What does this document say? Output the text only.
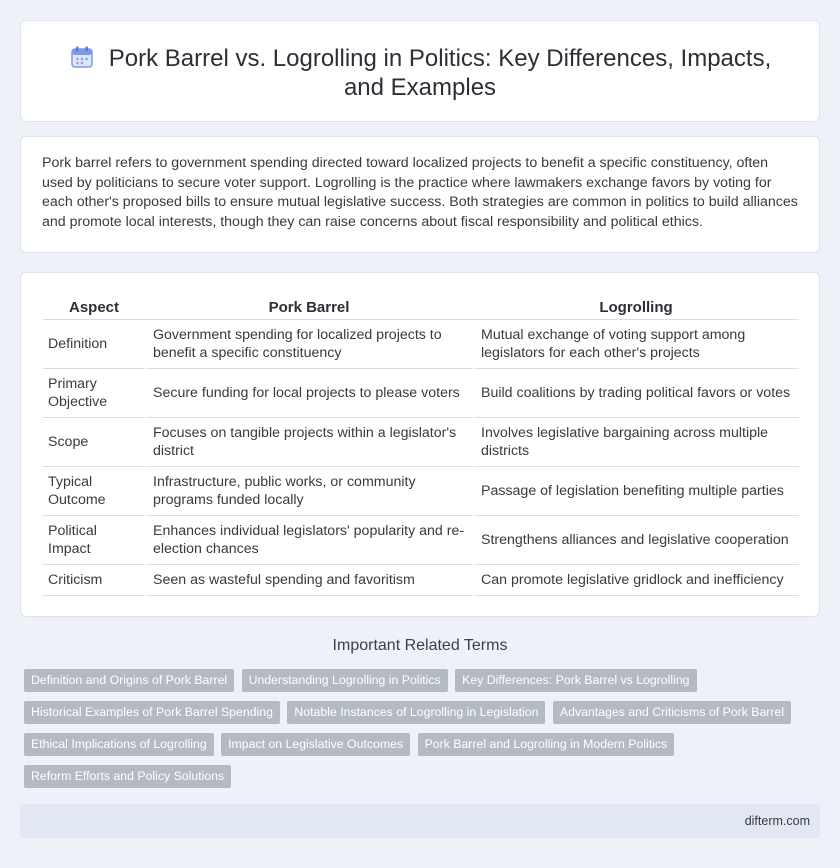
Pork Barrel vs. Logrolling in Politics: Key Differences, Impacts, and Examples

Pork barrel refers to government spending directed toward localized projects to benefit a specific constituency, often used by politicians to secure voter support. Logrolling is the practice where lawmakers exchange favors by voting for each other's proposed bills to ensure mutual legislative success. Both strategies are common in politics to build alliances and promote local interests, though they can raise concerns about fiscal responsibility and political ethics.

Aspect	Pork Barrel	Logrolling
Definition	Government spending for localized projects to benefit a specific constituency	Mutual exchange of voting support among legislators for each other's projects
Primary Objective	Secure funding for local projects to please voters	Build coalitions by trading political favors or votes
Scope	Focuses on tangible projects within a legislator's district	Involves legislative bargaining across multiple districts
Typical Outcome	Infrastructure, public works, or community programs funded locally	Passage of legislation benefiting multiple parties
Political Impact	Enhances individual legislators' popularity and re-election chances	Strengthens alliances and legislative cooperation
Criticism	Seen as wasteful spending and favoritism	Can promote legislative gridlock and inefficiency
Important Related Terms
Definition and Origins of Pork Barrel Understanding Logrolling in Politics Key Differences: Pork Barrel vs Logrolling Historical Examples of Pork Barrel Spending Notable Instances of Logrolling in Legislation Advantages and Criticisms of Pork Barrel Ethical Implications of Logrolling Impact on Legislative Outcomes Pork Barrel and Logrolling in Modern Politics Reform Efforts and Policy Solutions
difterm.com
